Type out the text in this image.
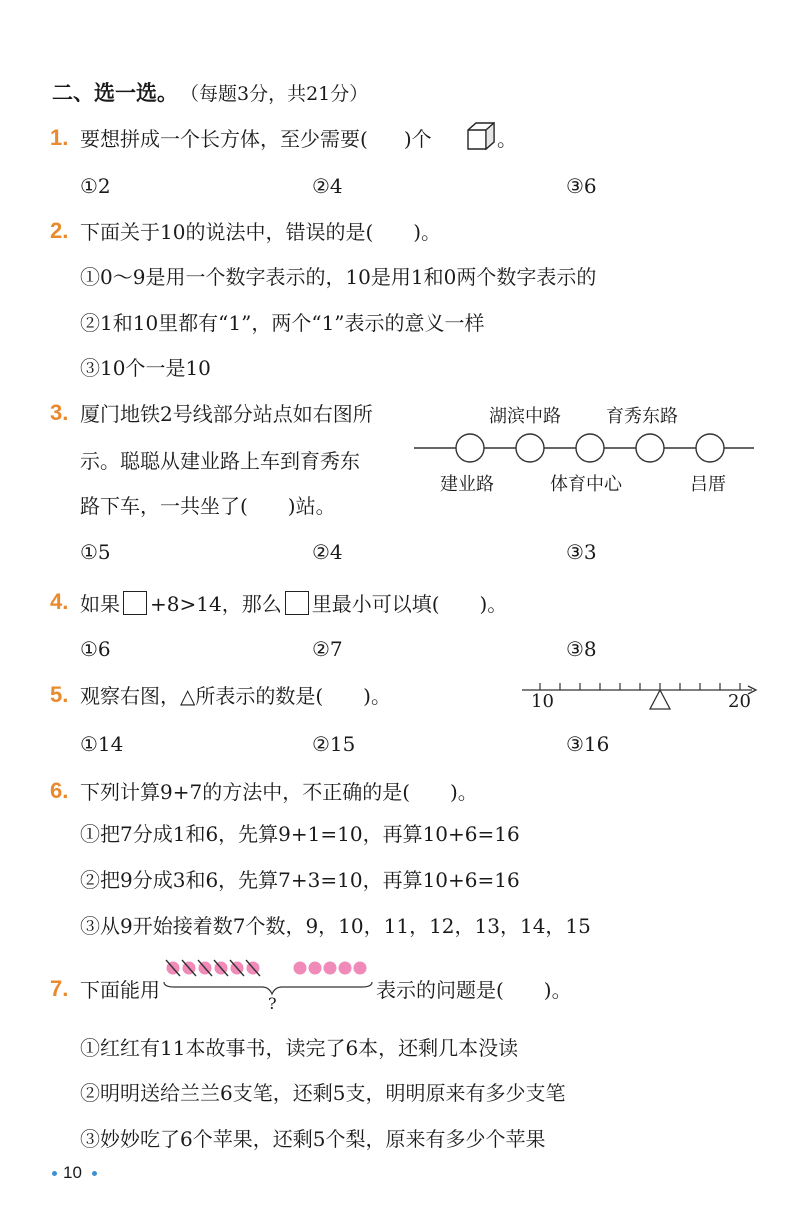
二、选一选。 （每题3分，共21分）
1. 要想拼成一个长方体，至少需要( )个	。
①2	②4	③6
2. 下面关于10的说法中，错误的是(　　)。
①0～9是用一个数字表示的，10是用1和0两个数字表示的
②1和10里都有“1”，两个“1”表示的意义一样
③10个一是10
3. 厦门地铁2号线部分站点如右图所
示。聪聪从建业路上车到育秀东
路下车，一共坐了(　　)站。
湖滨中路	育秀东路
建业路	体育中心	吕厝
①5	②4	③3
4. 如果 +8>14，那么 里最小可以填(　　)。
①6	②7	③8
5. 观察右图，△所表示的数是(　　)。	10	20
①14	②15	③16
6. 下列计算9+7的方法中，不正确的是(　　)。
①把7分成1和6，先算9+1=10，再算10+6=16
②把9分成3和6，先算7+3=10，再算10+6=16
③从9开始接着数7个数，9，10，11，12，13，14，15
7. 下面能用
?
表示的问题是(　　)。
①红红有11本故事书，读完了6本，还剩几本没读
②明明送给兰兰6支笔，还剩5支，明明原来有多少支笔
③妙妙吃了6个苹果，还剩5个梨，原来有多少个苹果
10
